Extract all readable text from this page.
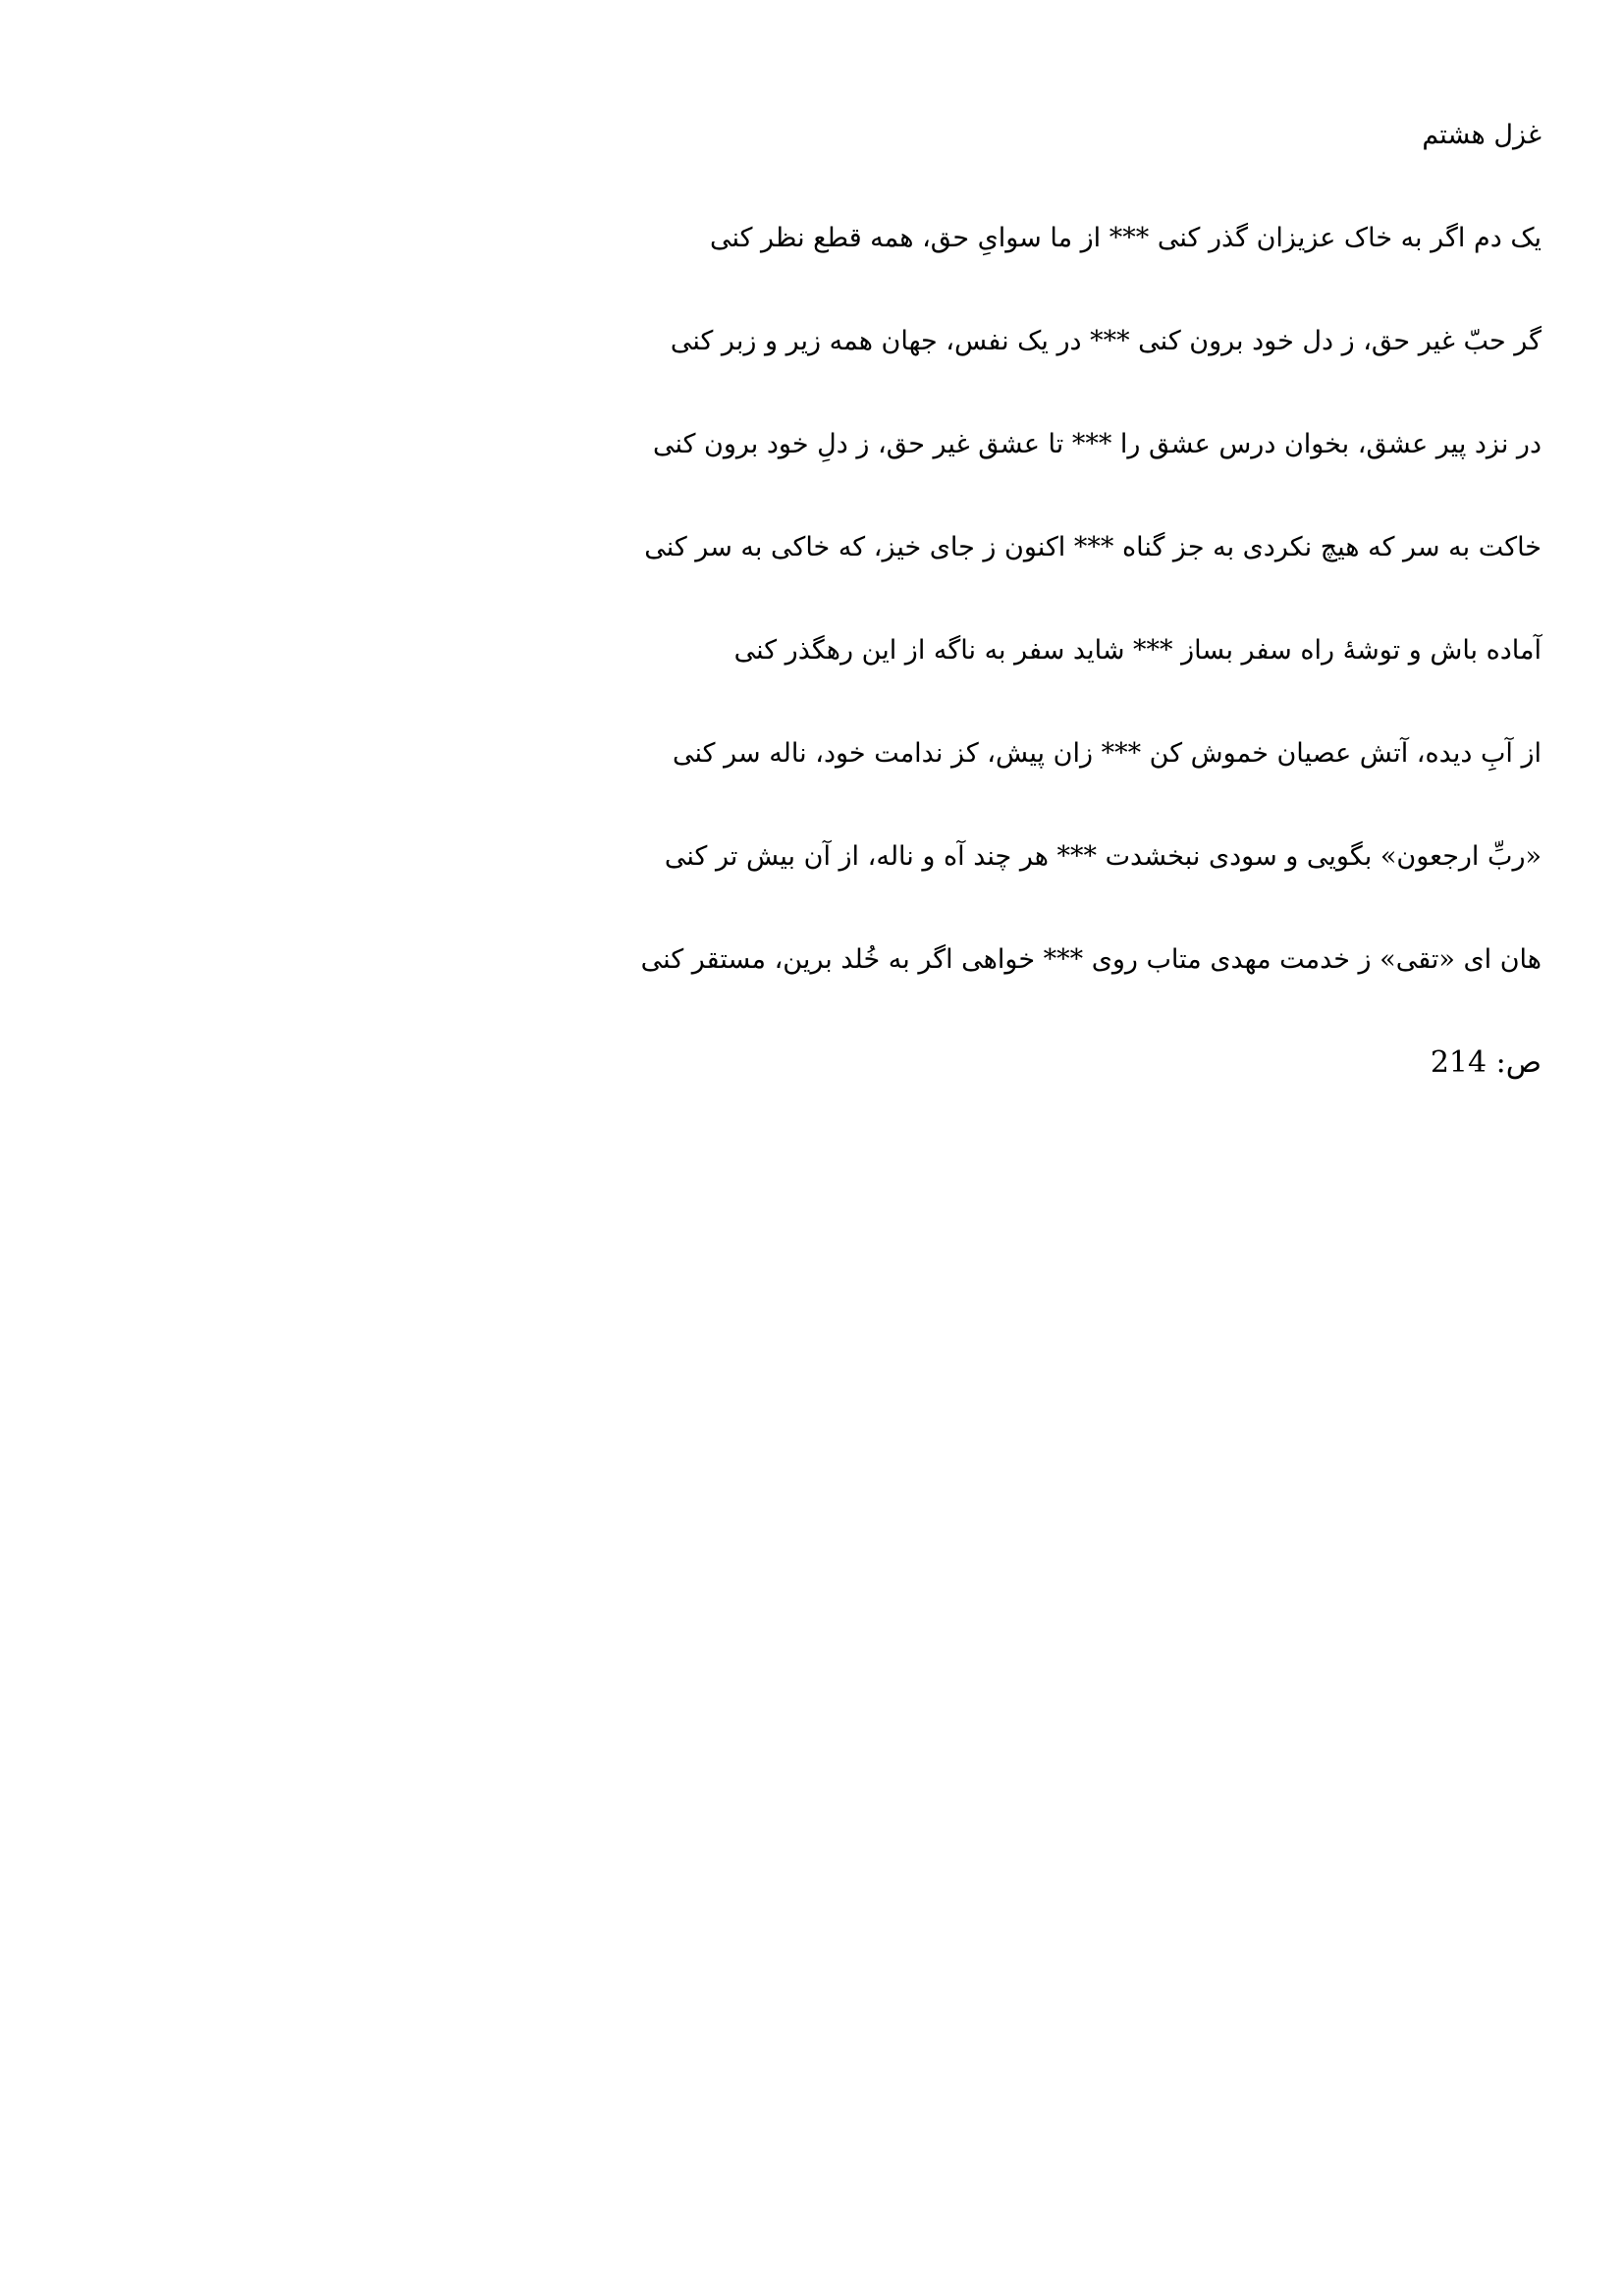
غزل هشتم
یک دم اگر به خاک عزیزان گذر کنی *** از ما سوایِ حق، همه قطع نظر کنی
گر حبّ غیر حق، ز دل خود برون کنی *** در یک نفس، جهان همه زیر و زبر کنی
در نزد پیر عشق، بخوان درس عشق را *** تا عشق غیر حق، ز دلِ خود برون کنی
خاکت به سر که هیچ نکردی به جز گناه *** اکنون ز جای خیز، که خاکی به سر کنی
آماده باش و توشهٔ راه سفر بساز *** شاید سفر به ناگه از این رهگذر کنی
از آبِ دیده، آتش عصیان خموش کن *** زان پیش، کز ندامت خود، ناله سر کنی
«ربِّ ارجعون» بگویی و سودی نبخشدت *** هر چند آه و ناله، از آن بیش تر کنی
هان ای «تقی» ز خدمت مهدی متاب روی *** خواهی اگر به خُلد برین، مستقر کنی
ص: 214
